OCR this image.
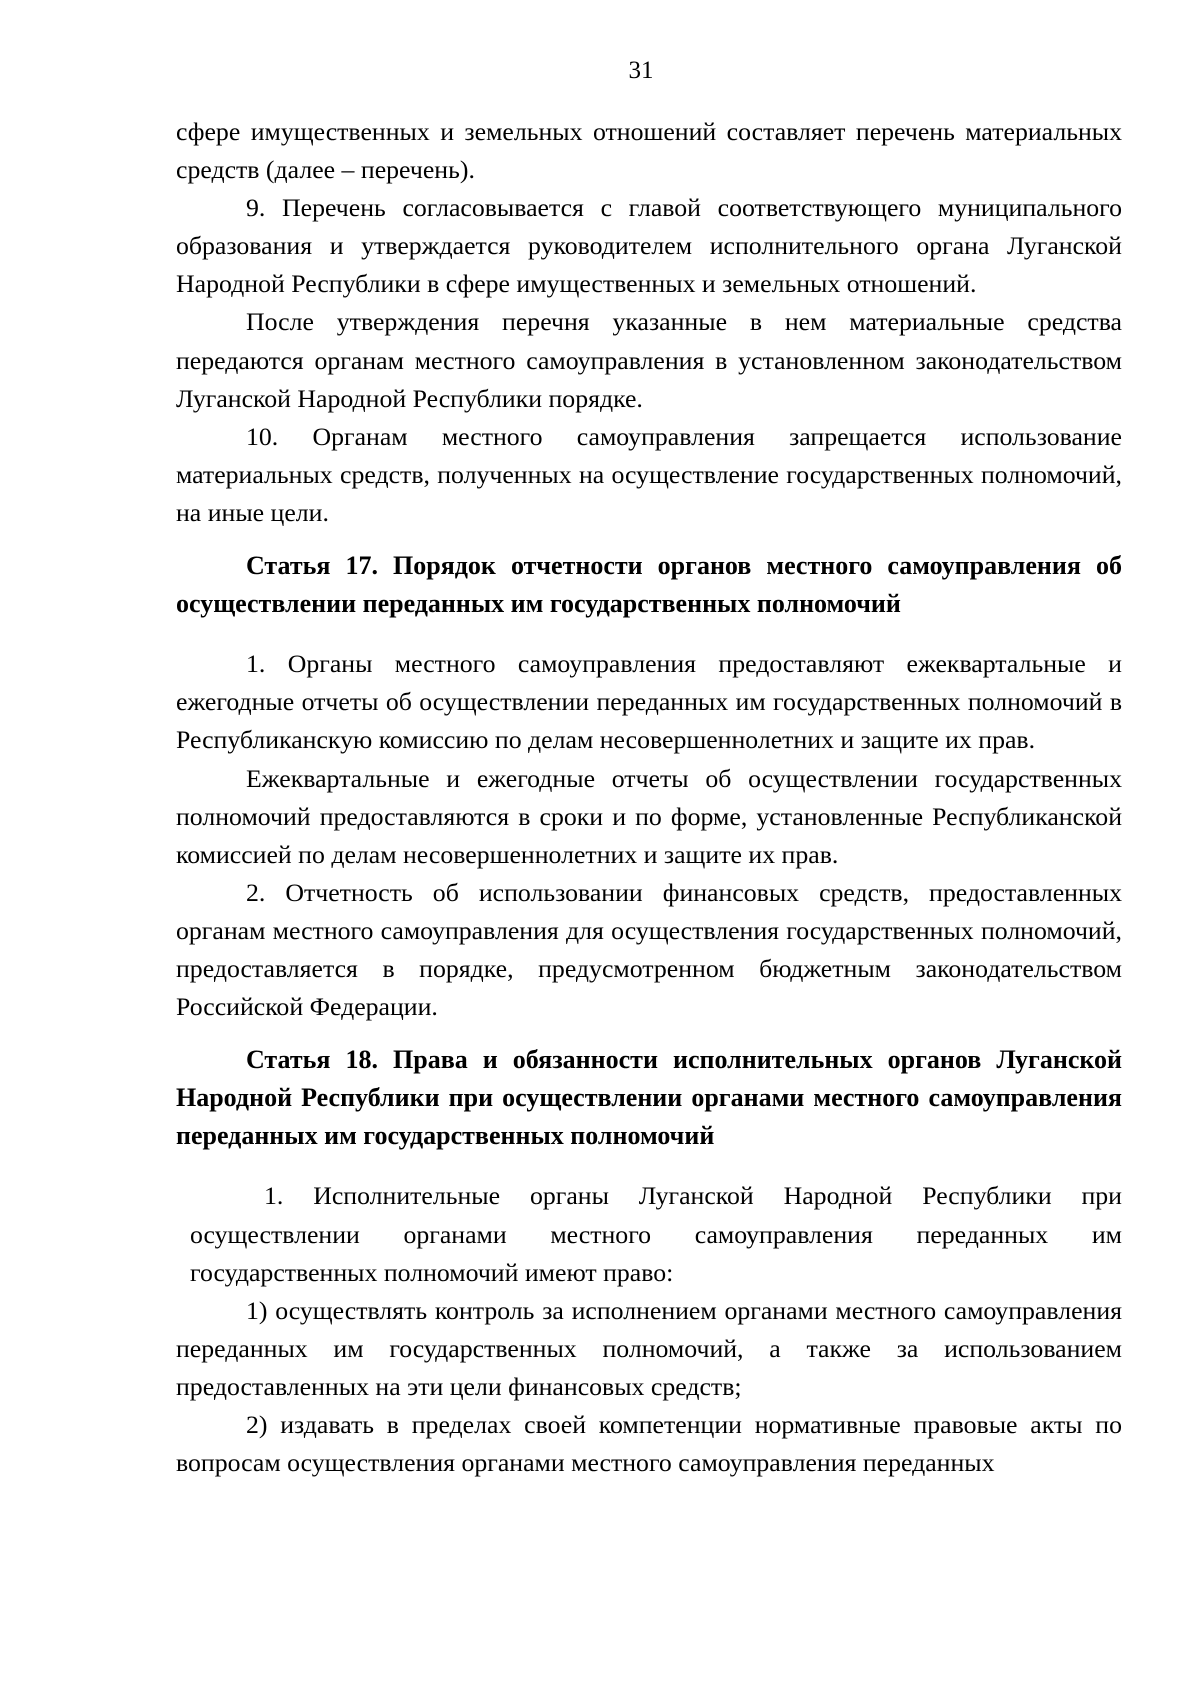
31

сфере имущественных и земельных отношений составляет перечень материальных средств (далее – перечень).

9. Перечень согласовывается с главой соответствующего муниципального образования и утверждается руководителем исполнительного органа Луганской Народной Республики в сфере имущественных и земельных отношений.

После утверждения перечня указанные в нем материальные средства передаются органам местного самоуправления в установленном законодательством Луганской Народной Республики порядке.

10. Органам местного самоуправления запрещается использование материальных средств, полученных на осуществление государственных полномочий, на иные цели.

Статья 17. Порядок отчетности органов местного самоуправления об осуществлении переданных им государственных полномочий

1. Органы местного самоуправления предоставляют ежеквартальные и ежегодные отчеты об осуществлении переданных им государственных полномочий в Республиканскую комиссию по делам несовершеннолетних и защите их прав.

Ежеквартальные и ежегодные отчеты об осуществлении государственных полномочий предоставляются в сроки и по форме, установленные Республиканской комиссией по делам несовершеннолетних и защите их прав.

2. Отчетность об использовании финансовых средств, предоставленных органам местного самоуправления для осуществления государственных полномочий, предоставляется в порядке, предусмотренном бюджетным законодательством Российской Федерации.

Статья 18. Права и обязанности исполнительных органов Луганской Народной Республики при осуществлении органами местного самоуправления переданных им государственных полномочий

1. Исполнительные органы Луганской Народной Республики при осуществлении органами местного самоуправления переданных им государственных полномочий имеют право:

1) осуществлять контроль за исполнением органами местного самоуправления переданных им государственных полномочий, а также за использованием предоставленных на эти цели финансовых средств;

2) издавать в пределах своей компетенции нормативные правовые акты по вопросам осуществления органами местного самоуправления переданных
